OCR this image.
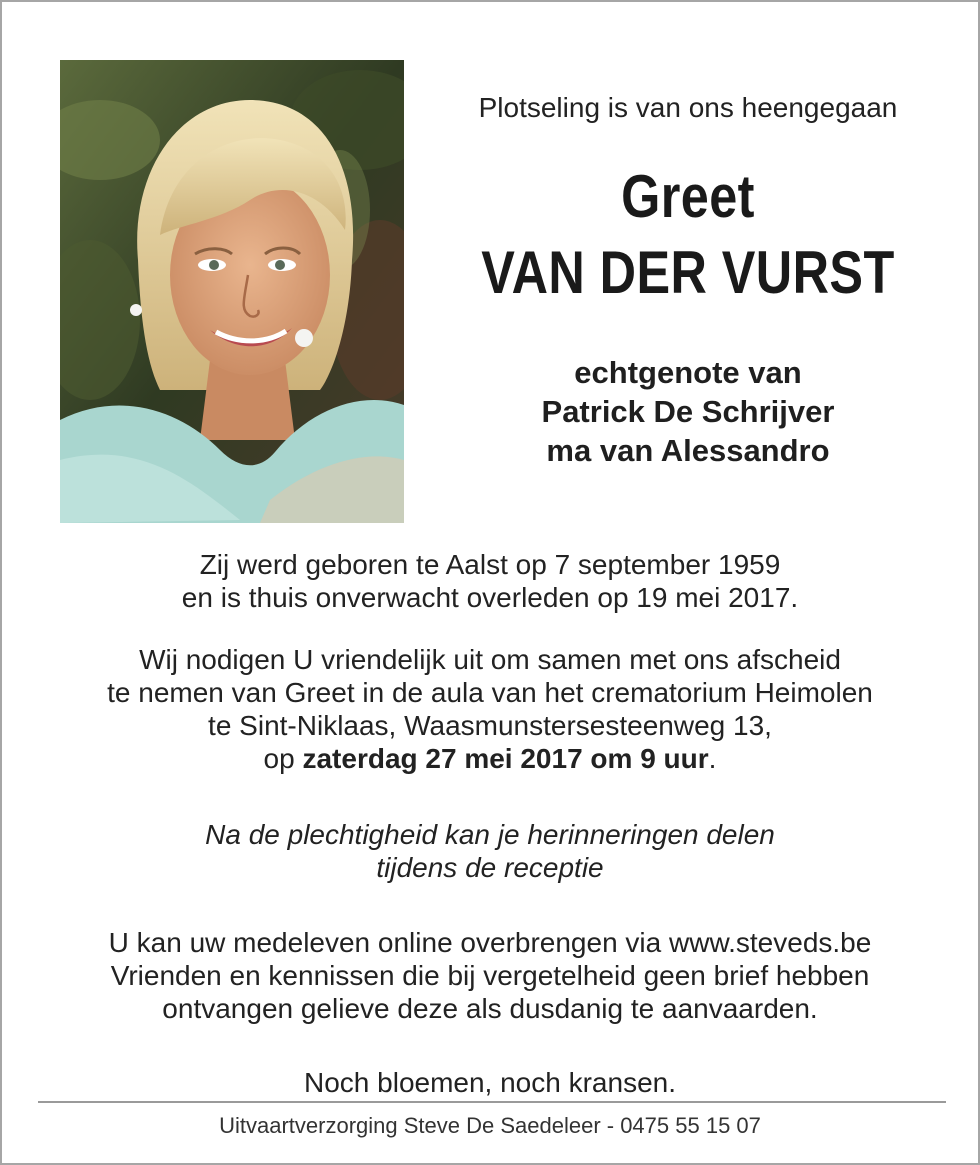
Plotseling is van ons heengegaan
Greet
VAN DER VURST
echtgenote van
Patrick De Schrijver
ma van Alessandro
Zij werd geboren te Aalst op 7 september 1959
en is thuis onverwacht overleden op 19 mei 2017.
Wij nodigen U vriendelijk uit om samen met ons afscheid
te nemen van Greet in de aula van het crematorium Heimolen
te Sint-Niklaas, Waasmunstersesteenweg 13,
op zaterdag 27 mei 2017 om 9 uur.
Na de plechtigheid kan je herinneringen delen
tijdens de receptie
U kan uw medeleven online overbrengen via www.steveds.be
Vrienden en kennissen die bij vergetelheid geen brief hebben
ontvangen gelieve deze als dusdanig te aanvaarden.
Noch bloemen, noch kransen.
Uitvaartverzorging Steve De Saedeleer - 0475 55 15 07
